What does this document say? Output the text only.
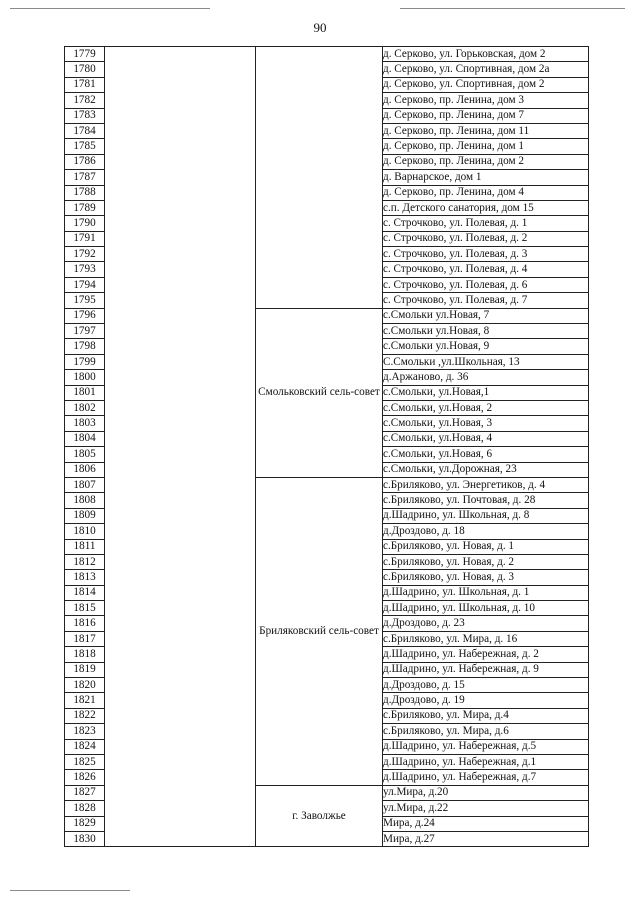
90
1779			д. Серково, ул. Горьковская, дом 2
1780			д. Серково, ул. Спортивная, дом 2а
1781			д. Серково, ул. Спортивная, дом 2
1782			д. Серково, пр. Ленина, дом 3
1783			д. Серково, пр. Ленина, дом 7
1784			д. Серково, пр. Ленина, дом 11
1785			д. Серково, пр. Ленина, дом 1
1786			д. Серково, пр. Ленина, дом 2
1787			д. Варнарское, дом 1
1788			д. Серково, пр. Ленина, дом 4
1789			с.п. Детского санатория, дом 15
1790			с. Строчково, ул. Полевая, д. 1
1791			с. Строчково, ул. Полевая, д. 2
1792			с. Строчково, ул. Полевая, д. 3
1793			с. Строчково, ул. Полевая, д. 4
1794			с. Строчково, ул. Полевая, д. 6
1795			с. Строчково, ул. Полевая, д. 7
1796		Смольковский сель-совет	с.Смольки ул.Новая, 7
1797			с.Смольки ул.Новая, 8
1798			с.Смольки ул.Новая, 9
1799			С.Смольки ,ул.Школьная, 13
1800			д.Аржаново, д. 36
1801			с.Смольки, ул.Новая,1
1802			с.Смольки, ул.Новая, 2
1803			с.Смольки, ул.Новая, 3
1804			с.Смольки, ул.Новая, 4
1805			с.Смольки, ул.Новая, 6
1806			с.Смольки, ул.Дорожная, 23
1807		Бриляковский сель-совет	с.Бриляково, ул. Энергетиков, д. 4
1808			с.Бриляково, ул. Почтовая, д. 28
1809			д.Шадрино, ул. Школьная, д. 8
1810			д.Дроздово, д. 18
1811			с.Бриляково, ул. Новая, д. 1
1812			с.Бриляково, ул. Новая, д. 2
1813			с.Бриляково, ул. Новая, д. 3
1814			д.Шадрино, ул. Школьная, д. 1
1815			д.Шадрино, ул. Школьная, д. 10
1816			д.Дроздово, д. 23
1817			с.Бриляково, ул. Мира, д. 16
1818			д.Шадрино, ул. Набережная, д. 2
1819			д.Шадрино, ул. Набережная, д. 9
1820			д.Дроздово, д. 15
1821			д.Дроздово, д. 19
1822			с.Бриляково, ул. Мира, д.4
1823			с.Бриляково, ул. Мира, д.6
1824			д.Шадрино, ул. Набережная, д.5
1825			д.Шадрино, ул. Набережная, д.1
1826			д.Шадрино, ул. Набережная, д.7
1827		г. Заволжье	ул.Мира, д.20
1828			ул.Мира, д.22
1829			Мира, д.24
1830			Мира, д.27
